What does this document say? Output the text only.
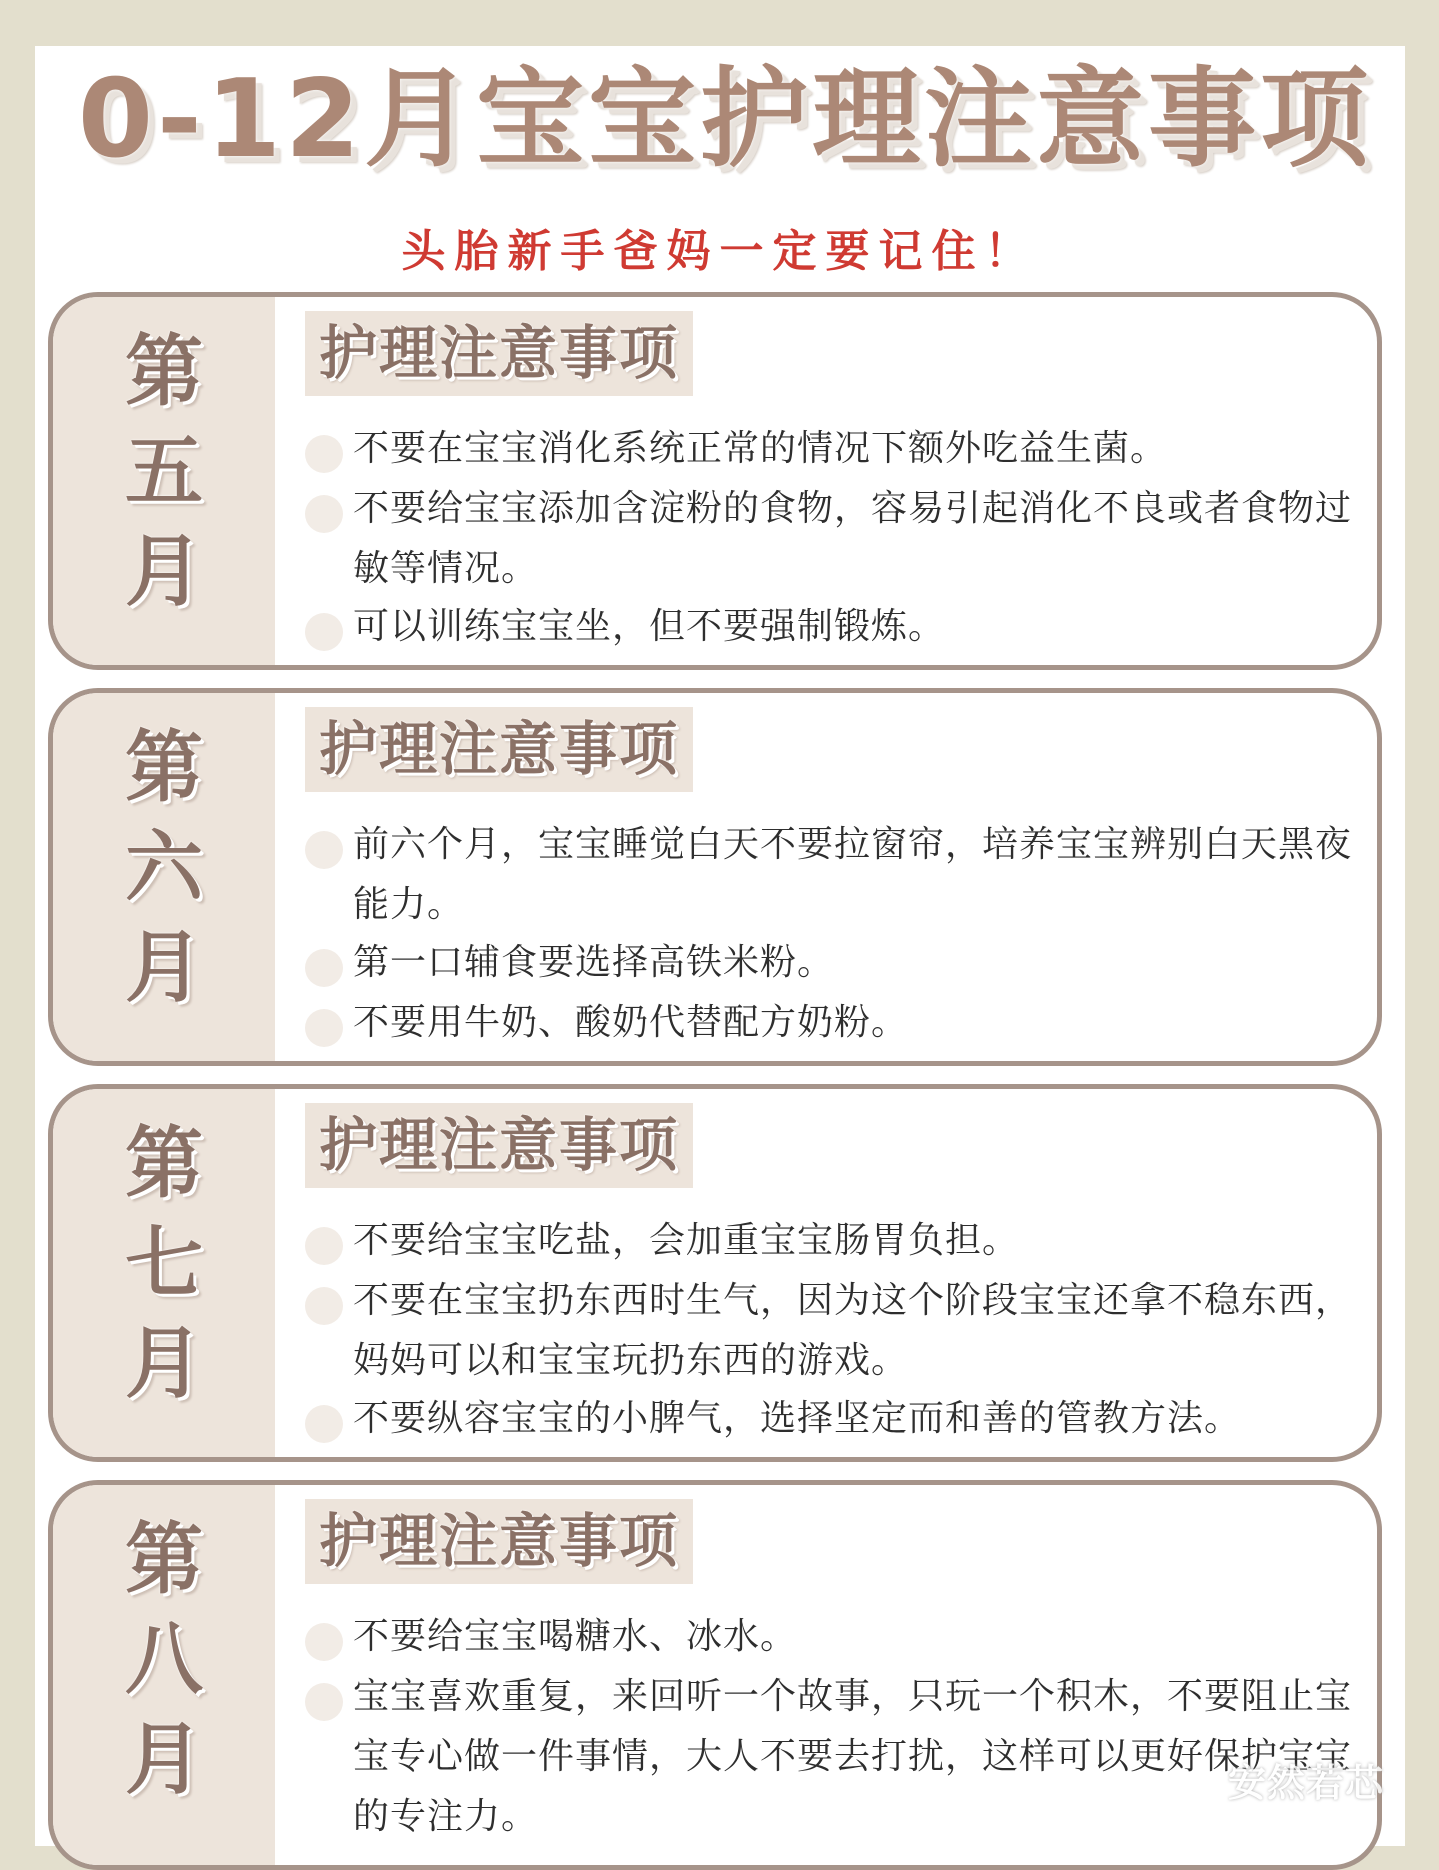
0-12月宝宝护理注意事项
头胎新手爸妈一定要记住！
第
五
月
护理注意事项
不要在宝宝消化系统正常的情况下额外吃益生菌。
不要给宝宝添加含淀粉的食物，容易引起消化不良或者食物过敏等情况。
可以训练宝宝坐，但不要强制锻炼。
第
六
月
护理注意事项
前六个月，宝宝睡觉白天不要拉窗帘，培养宝宝辨别白天黑夜能力。
第一口辅食要选择高铁米粉。
不要用牛奶、酸奶代替配方奶粉。
第
七
月
护理注意事项
不要给宝宝吃盐，会加重宝宝肠胃负担。
不要在宝宝扔东西时生气，因为这个阶段宝宝还拿不稳东西，妈妈可以和宝宝玩扔东西的游戏。
不要纵容宝宝的小脾气，选择坚定而和善的管教方法。
第
八
月
护理注意事项
不要给宝宝喝糖水、冰水。
宝宝喜欢重复，来回听一个故事，只玩一个积木，不要阻止宝宝专心做一件事情，大人不要去打扰，这样可以更好保护宝宝的专注力。
安然若芯
